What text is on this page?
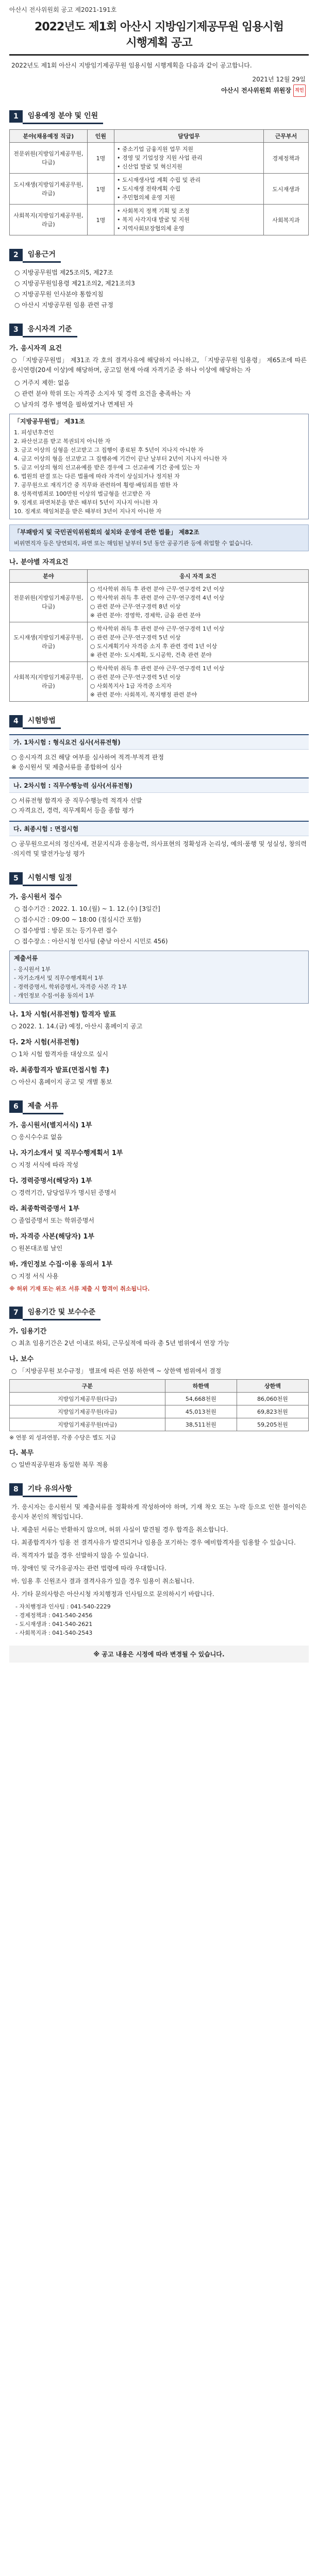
아산시 전사위원회 공고 제2021-191호
2022년도 제1회 아산시 지방임기제공무원 임용시험
시행계획 공고

2022년도 제1회 아산시 지방임기제공무원 임용시험 시행계획을 다음과 같이 공고합니다.

2021년 12월 29일
아산시 전사위원회 위원장 직인
1	임용예정 분야 및 인원
분야(채용예정 직급)	인원	담당업무	근무부서
전문위원(지방임기제공무원, 다급)	1명	• 중소기업 금융지원 업무 지원
• 경영 및 기업성장 지원 사업 관리
• 신산업 발굴 및 혁신지원	경제정책과
도시재생(지방임기제공무원, 라급)	1명	• 도시재생사업 계획 수립 및 관리
• 도시재생 전략계획 수립
• 주민협의체 운영 지원	도시재생과
사회복지(지방임기제공무원, 라급)	1명	• 사회복지 정책 기획 및 조정
• 복지 사각지대 발굴 및 지원
• 지역사회보장협의체 운영	사회복지과
2	임용근거
○ 지방공무원법 제25조의5, 제27조
○ 지방공무원임용령 제21조의2, 제21조의3
○ 지방공무원 인사분야 통합지침
○ 아산시 지방공무원 임용 관련 규정
3	응시자격 기준
가. 응시자격 요건

○ 「지방공무원법」 제31조 각 호의 결격사유에 해당하지 아니하고, 「지방공무원 임용령」 제65조에 따른 응시연령(20세 이상)에 해당하며, 공고일 현재 아래 자격기준 중 하나 이상에 해당하는 자

○ 거주지 제한: 없음
○ 관련 분야 학위 또는 자격증 소지자 및 경력 요건을 충족하는 자
○ 남자의 경우 병역을 필하였거나 면제된 자
「지방공무원법」 제31조
1. 피성년후견인
2. 파산선고를 받고 복권되지 아니한 자
3. 금고 이상의 실형을 선고받고 그 집행이 종료된 후 5년이 지나지 아니한 자
4. 금고 이상의 형을 선고받고 그 집행유예 기간이 끝난 날부터 2년이 지나지 아니한 자
5. 금고 이상의 형의 선고유예를 받은 경우에 그 선고유예 기간 중에 있는 자
6. 법원의 판결 또는 다른 법률에 따라 자격이 상실되거나 정지된 자
7. 공무원으로 재직기간 중 직무와 관련하여 횡령·배임죄를 범한 자
8. 성폭력범죄로 100만원 이상의 벌금형을 선고받은 자
9. 징계로 파면처분을 받은 때부터 5년이 지나지 아니한 자
10. 징계로 해임처분을 받은 때부터 3년이 지나지 아니한 자
「부패방지 및 국민권익위원회의 설치와 운영에 관한 법률」 제82조
비위면직자 등은 당연퇴직, 파면 또는 해임된 날부터 5년 동안 공공기관 등에 취업할 수 없습니다.
나. 분야별 자격요건
분야	응시 자격 요건
전문위원(지방임기제공무원, 다급)	○ 석사학위 취득 후 관련 분야 근무·연구경력 2년 이상
○ 학사학위 취득 후 관련 분야 근무·연구경력 4년 이상
○ 관련 분야 근무·연구경력 8년 이상
※ 관련 분야: 경영학, 경제학, 금융 관련 분야
도시재생(지방임기제공무원, 라급)	○ 학사학위 취득 후 관련 분야 근무·연구경력 1년 이상
○ 관련 분야 근무·연구경력 5년 이상
○ 도시계획기사 자격증 소지 후 관련 경력 1년 이상
※ 관련 분야: 도시계획, 도시공학, 건축 관련 분야
사회복지(지방임기제공무원, 라급)	○ 학사학위 취득 후 관련 분야 근무·연구경력 1년 이상
○ 관련 분야 근무·연구경력 5년 이상
○ 사회복지사 1급 자격증 소지자
※ 관련 분야: 사회복지, 복지행정 관련 분야
4	시험방법
가. 1차시험 : 형식요건 심사(서류전형)

○ 응시자격 요건 해당 여부를 심사하여 적격·부적격 판정
※ 응시원서 및 제출서류를 종합하여 심사

나. 2차시험 : 직무수행능력 심사(서류전형)

○ 서류전형 합격자 중 직무수행능력 적격자 선발
○ 자격요건, 경력, 직무계획서 등을 종합 평가

다. 최종시험 : 면접시험

○ 공무원으로서의 정신자세, 전문지식과 응용능력, 의사표현의 정확성과 논리성, 예의·품행 및 성실성, 창의력·의지력 및 발전가능성 평가

5	시험시행 일정
가. 응시원서 접수
○ 접수기간 : 2022. 1. 10.(월) ~ 1. 12.(수) [3일간]
○ 접수시간 : 09:00 ~ 18:00 (점심시간 포함)
○ 접수방법 : 방문 또는 등기우편 접수
○ 접수장소 : 아산시청 인사팀 (충남 아산시 시민로 456)
제출서류
- 응시원서 1부
- 자기소개서 및 직무수행계획서 1부
- 경력증명서, 학위증명서, 자격증 사본 각 1부
- 개인정보 수집·이용 동의서 1부
나. 1차 시험(서류전형) 합격자 발표

○ 2022. 1. 14.(금) 예정, 아산시 홈페이지 공고

다. 2차 시험(서류전형)

○ 1차 시험 합격자를 대상으로 실시

라. 최종합격자 발표(면접시험 후)

○ 아산시 홈페이지 공고 및 개별 통보

6	제출 서류
가. 응시원서(별지서식) 1부

○ 응시수수료 없음

나. 자기소개서 및 직무수행계획서 1부

○ 지정 서식에 따라 작성

다. 경력증명서(해당자) 1부

○ 경력기간, 담당업무가 명시된 증명서

라. 최종학력증명서 1부

○ 졸업증명서 또는 학위증명서

마. 자격증 사본(해당자) 1부

○ 원본대조필 날인

바. 개인정보 수집·이용 동의서 1부

○ 지정 서식 사용

※ 허위 기재 또는 위조 서류 제출 시 합격이 취소됩니다.
7	임용기간 및 보수수준
가. 임용기간

○ 최초 임용기간은 2년 이내로 하되, 근무실적에 따라 총 5년 범위에서 연장 가능

나. 보수

○ 「지방공무원 보수규정」 별표에 따른 연봉 하한액 ~ 상한액 범위에서 결정

구분	하한액	상한액
지방임기제공무원(다급)	54,668천원	86,060천원
지방임기제공무원(라급)	45,013천원	69,823천원
지방임기제공무원(마급)	38,511천원	59,205천원
※ 연봉 외 성과연봉, 각종 수당은 별도 지급
다. 복무

○ 일반직공무원과 동일한 복무 적용

8	기타 유의사항

가. 응시자는 응시원서 및 제출서류를 정확하게 작성하여야 하며, 기재 착오 또는 누락 등으로 인한 불이익은 응시자 본인의 책임입니다.

나. 제출된 서류는 반환하지 않으며, 허위 사실이 발견될 경우 합격을 취소합니다.

다. 최종합격자가 임용 전 결격사유가 발견되거나 임용을 포기하는 경우 예비합격자를 임용할 수 있습니다.

라. 적격자가 없을 경우 선발하지 않을 수 있습니다.

마. 장애인 및 국가유공자는 관련 법령에 따라 우대합니다.

바. 임용 후 신원조사 결과 결격사유가 있을 경우 임용이 취소됩니다.

사. 기타 문의사항은 아산시청 자치행정과 인사팀으로 문의하시기 바랍니다.

- 자치행정과 인사팀 : 041-540-2229
- 경제정책과 : 041-540-2456
- 도시재생과 : 041-540-2621
- 사회복지과 : 041-540-2543
※ 공고 내용은 시정에 따라 변경될 수 있습니다.
